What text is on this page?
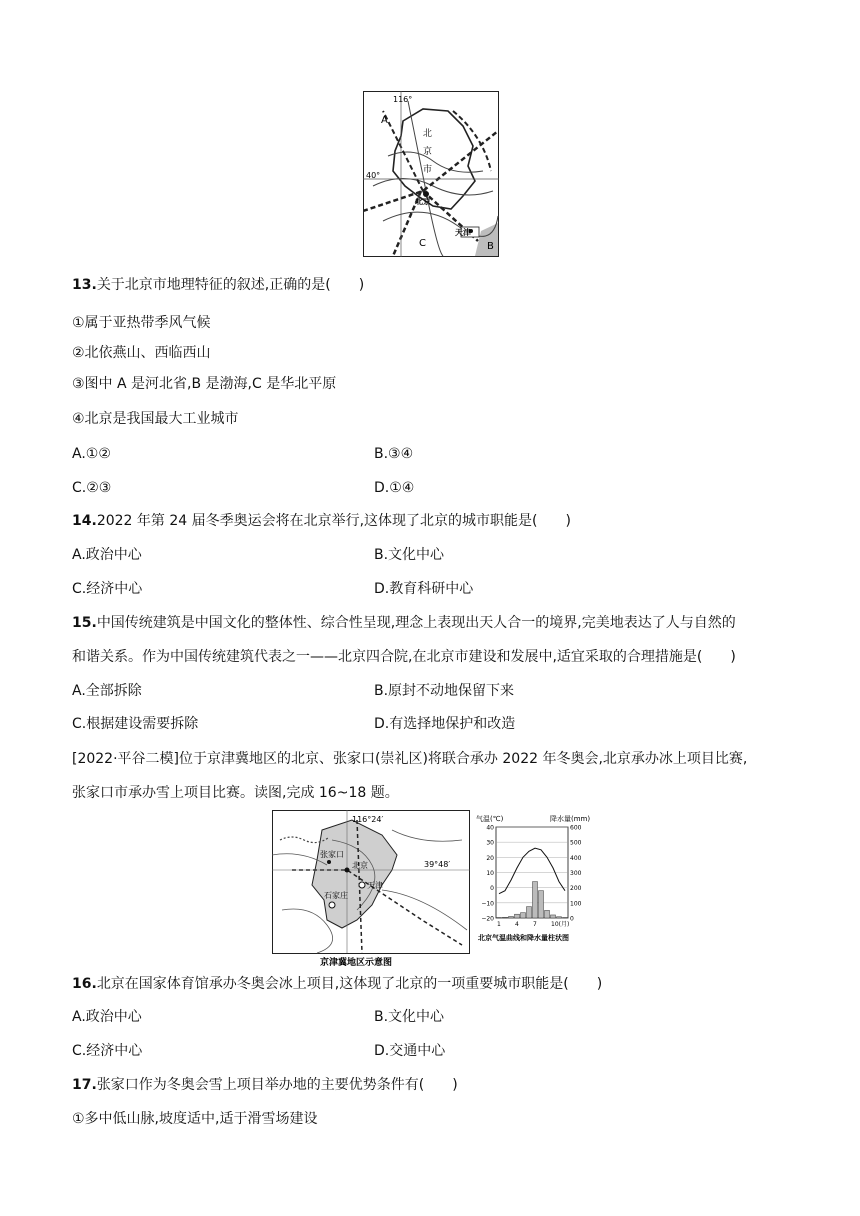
116°
40°
A
B
C
北京
天津
北
京
市
13.关于北京市地理特征的叙述,正确的是(　　)
①属于亚热带季风气候
②北依燕山、西临西山
③图中 A 是河北省,B 是渤海,C 是华北平原
④北京是我国最大工业城市
A.①②	B.③④
C.②③	D.①④
14.2022 年第 24 届冬季奥运会将在北京举行,这体现了北京的城市职能是(　　)
A.政治中心	B.文化中心
C.经济中心	D.教育科研中心
15.中国传统建筑是中国文化的整体性、综合性呈现,理念上表现出天人合一的境界,完美地表达了人与自然的
和谐关系。作为中国传统建筑代表之一——北京四合院,在北京市建设和发展中,适宜采取的合理措施是(　　)
A.全部拆除	B.原封不动地保留下来
C.根据建设需要拆除	D.有选择地保护和改造
[2022·平谷二模]位于京津冀地区的北京、张家口(崇礼区)将联合承办 2022 年冬奥会,北京承办冰上项目比赛,
张家口市承办雪上项目比赛。读图,完成 16~18 题。
116°24′
39°48′
张家口
北京
天津
石家庄
京津冀地区示意图
气温(℃)	降水量(mm)
40
30
20
10
0
−10
−20
600
500
400
300
200
100
0
1 4 7 10(月)
北京气温曲线和降水量柱状图
16.北京在国家体育馆承办冬奥会冰上项目,这体现了北京的一项重要城市职能是(　　)
A.政治中心	B.文化中心
C.经济中心	D.交通中心
17.张家口作为冬奥会雪上项目举办地的主要优势条件有(　　)
①多中低山脉,坡度适中,适于滑雪场建设
